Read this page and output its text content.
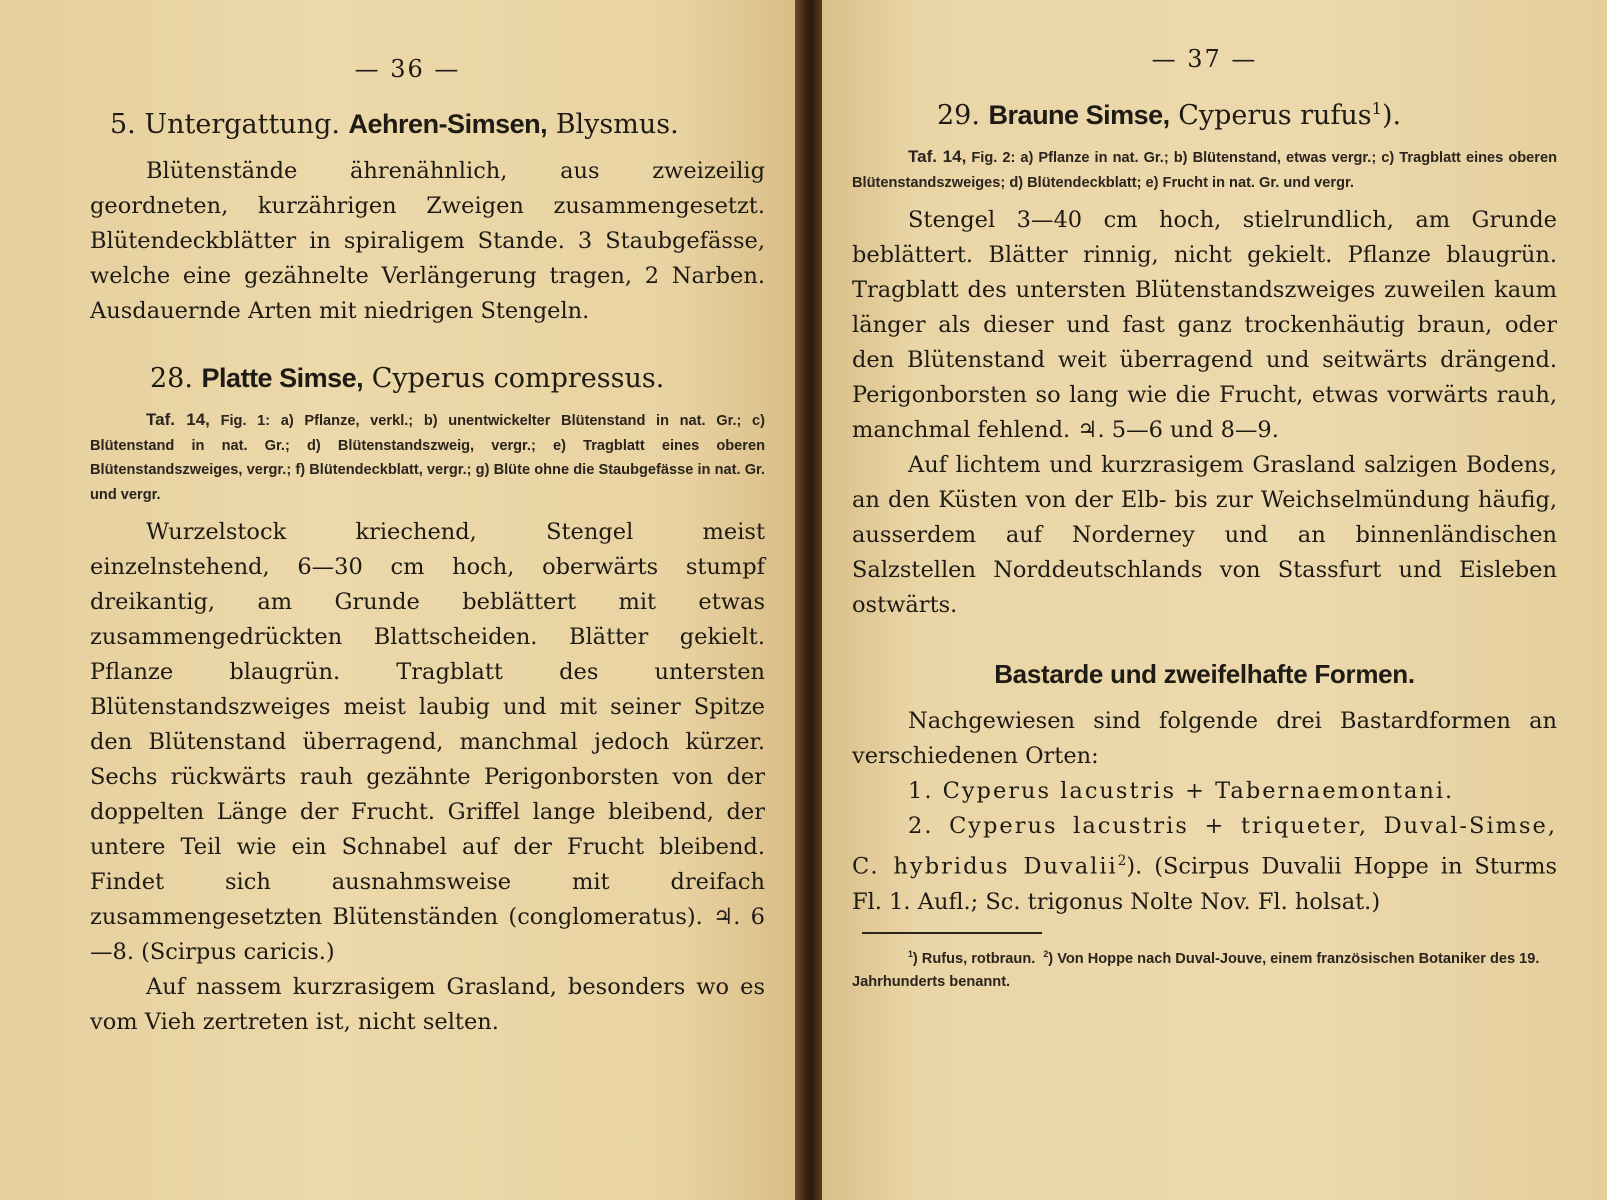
— 36 —
5. Untergattung. Aehren-Simsen, Blysmus.

Blütenstände ährenähnlich, aus zweizeilig geordneten, kurzährigen Zweigen zusammengesetzt. Blütendeckblätter in spiraligem Stande. 3 Staubgefässe, welche eine gezähnelte Verlängerung tragen, 2 Narben. Ausdauernde Arten mit niedrigen Stengeln.

28. Platte Simse, Cyperus compressus.

Taf. 14, Fig. 1: a) Pflanze, verkl.; b) unentwickelter Blütenstand in nat. Gr.; c) Blütenstand in nat. Gr.; d) Blütenstandszweig, vergr.; e) Tragblatt eines oberen Blütenstandszweiges, vergr.; f) Blütendeckblatt, vergr.; g) Blüte ohne die Staubgefässe in nat. Gr. und vergr.

Wurzelstock kriechend, Stengel meist einzelnstehend, 6—30 cm hoch, oberwärts stumpf dreikantig, am Grunde beblättert mit etwas zusammengedrückten Blattscheiden. Blätter gekielt. Pflanze blaugrün. Tragblatt des untersten Blütenstandszweiges meist laubig und mit seiner Spitze den Blütenstand überragend, manchmal jedoch kürzer. Sechs rückwärts rauh gezähnte Perigonborsten von der doppelten Länge der Frucht. Griffel lange bleibend, der untere Teil wie ein Schnabel auf der Frucht bleibend. Findet sich ausnahmsweise mit dreifach zusammengesetzten Blütenständen (conglomeratus). ♃. 6—8. (Scirpus caricis.)

Auf nassem kurzrasigem Grasland, besonders wo es vom Vieh zertreten ist, nicht selten.

— 37 —
29. Braune Simse, Cyperus rufus$^1$).

Taf. 14, Fig. 2: a) Pflanze in nat. Gr.; b) Blütenstand, etwas vergr.; c) Tragblatt eines oberen Blütenstandszweiges; d) Blütendeckblatt; e) Frucht in nat. Gr. und vergr.

Stengel 3—40 cm hoch, stielrundlich, am Grunde beblättert. Blätter rinnig, nicht gekielt. Pflanze blaugrün. Tragblatt des untersten Blütenstandszweiges zuweilen kaum länger als dieser und fast ganz trockenhäutig braun, oder den Blütenstand weit überragend und seitwärts drängend. Perigonborsten so lang wie die Frucht, etwas vorwärts rauh, manchmal fehlend. ♃. 5—6 und 8—9.

Auf lichtem und kurzrasigem Grasland salzigen Bodens, an den Küsten von der Elb- bis zur Weichselmündung häufig, ausserdem auf Norderney und an binnenländischen Salzstellen Norddeutschlands von Stassfurt und Eisleben ostwärts.

Bastarde und zweifelhafte Formen.

Nachgewiesen sind folgende drei Bastardformen an verschiedenen Orten:

1. Cyperus lacustris + Tabernaemontani.

2. Cyperus lacustris + triqueter, Duval-Simse, C. hybridus Duvalii$^2$). (Scirpus Duvalii Hoppe in Sturms Fl. 1. Aufl.; Sc. trigonus Nolte Nov. Fl. holsat.)

$^1$) Rufus, rotbraun. $^2$) Von Hoppe nach Duval-Jouve, einem französischen Botaniker des 19. Jahrhunderts benannt.
